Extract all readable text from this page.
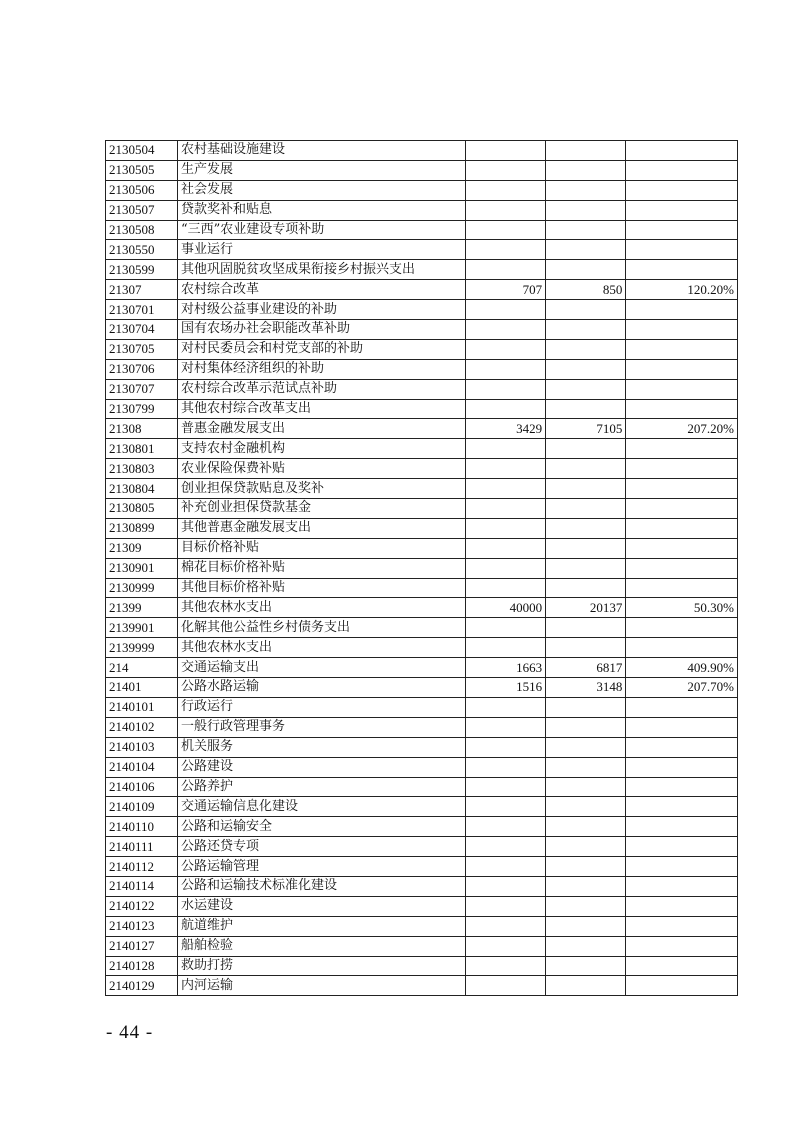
2130504	农村基础设施建设			
2130505	生产发展			
2130506	社会发展			
2130507	贷款奖补和贴息			
2130508	“三西”农业建设专项补助			
2130550	事业运行			
2130599	其他巩固脱贫攻坚成果衔接乡村振兴支出			
21307	农村综合改革	707	850	120.20%
2130701	对村级公益事业建设的补助			
2130704	国有农场办社会职能改革补助			
2130705	对村民委员会和村党支部的补助			
2130706	对村集体经济组织的补助			
2130707	农村综合改革示范试点补助			
2130799	其他农村综合改革支出			
21308	普惠金融发展支出	3429	7105	207.20%
2130801	支持农村金融机构			
2130803	农业保险保费补贴			
2130804	创业担保贷款贴息及奖补			
2130805	补充创业担保贷款基金			
2130899	其他普惠金融发展支出			
21309	目标价格补贴			
2130901	棉花目标价格补贴			
2130999	其他目标价格补贴			
21399	其他农林水支出	40000	20137	50.30%
2139901	化解其他公益性乡村债务支出			
2139999	其他农林水支出			
214	交通运输支出	1663	6817	409.90%
21401	公路水路运输	1516	3148	207.70%
2140101	行政运行			
2140102	一般行政管理事务			
2140103	机关服务			
2140104	公路建设			
2140106	公路养护			
2140109	交通运输信息化建设			
2140110	公路和运输安全			
2140111	公路还贷专项			
2140112	公路运输管理			
2140114	公路和运输技术标准化建设			
2140122	水运建设			
2140123	航道维护			
2140127	船舶检验			
2140128	救助打捞			
2140129	内河运输			
- 44 -
